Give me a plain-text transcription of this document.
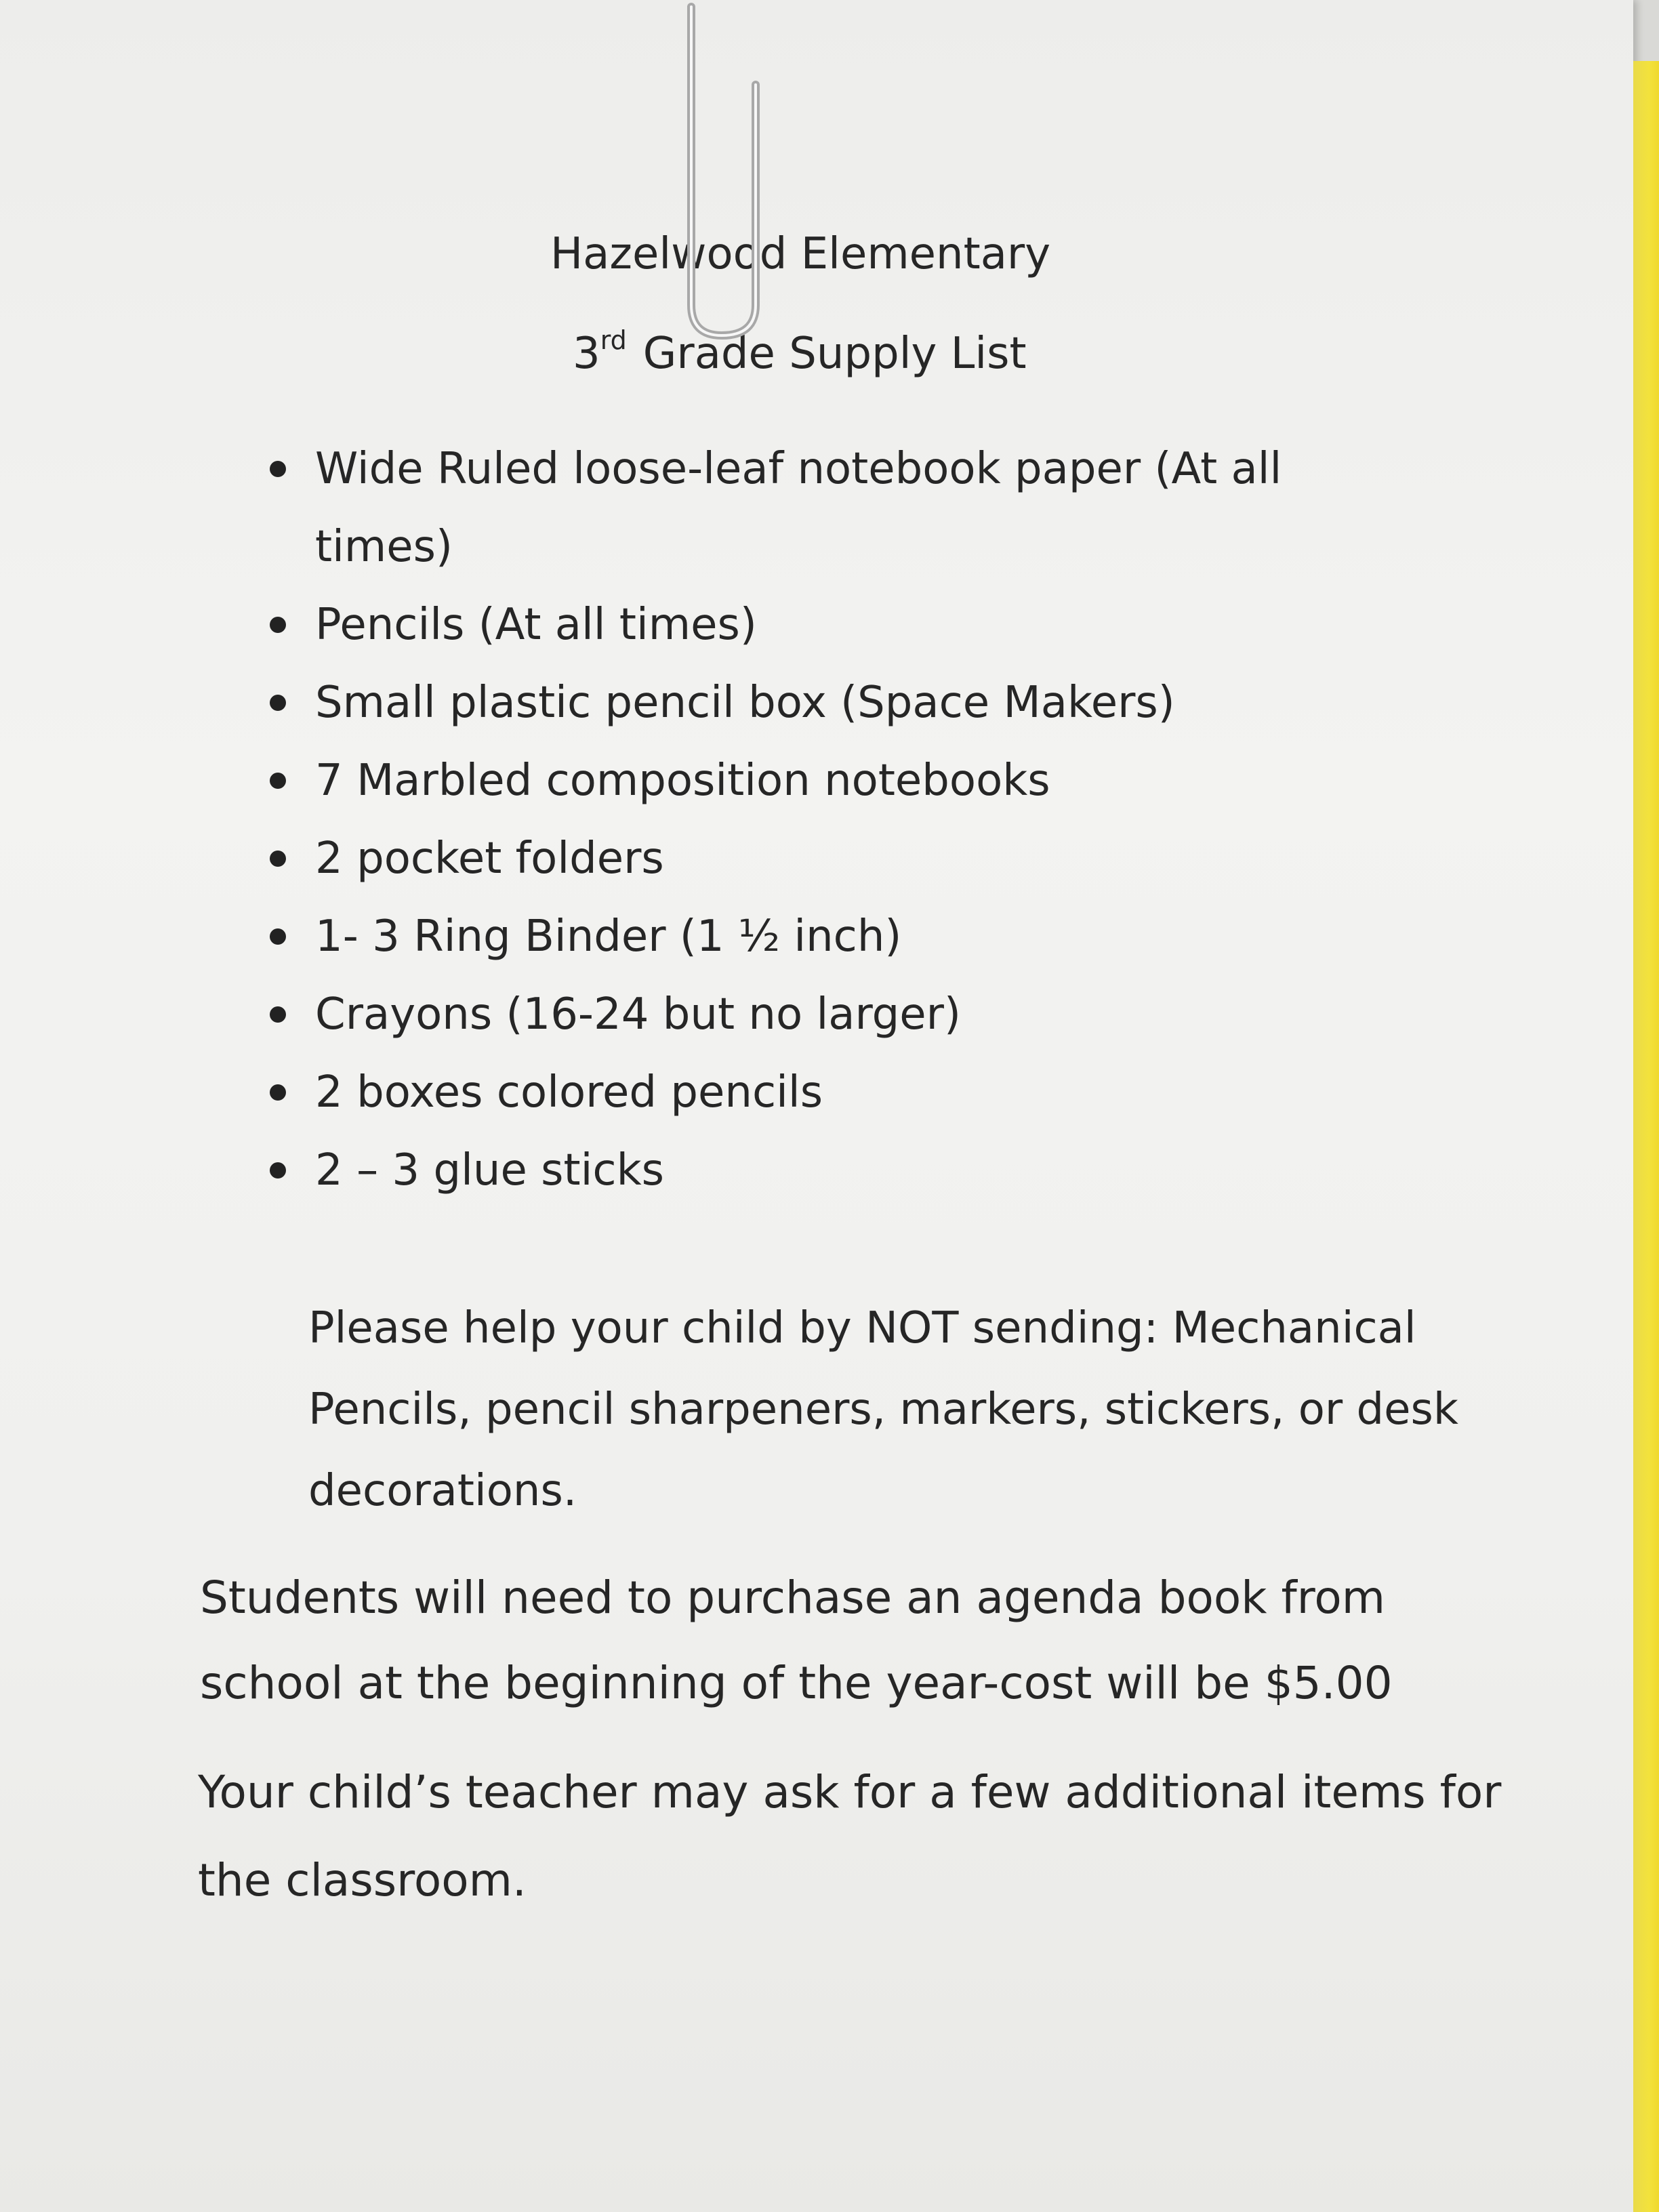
Hazelwood Elementary
3rd Grade Supply List
Wide Ruled loose-leaf notebook paper (At all times)
Pencils (At all times)
Small plastic pencil box (Space Makers)
7 Marbled composition notebooks
2 pocket folders
1- 3 Ring Binder (1 ½ inch)
Crayons (16-24 but no larger)
2 boxes colored pencils
2 – 3 glue sticks
Please help your child by NOT sending: Mechanical Pencils, pencil sharpeners, markers, stickers, or desk decorations.
Students will need to purchase an agenda book from school at the beginning of the year-cost will be $5.00
Your child’s teacher may ask for a few additional items for the classroom.
